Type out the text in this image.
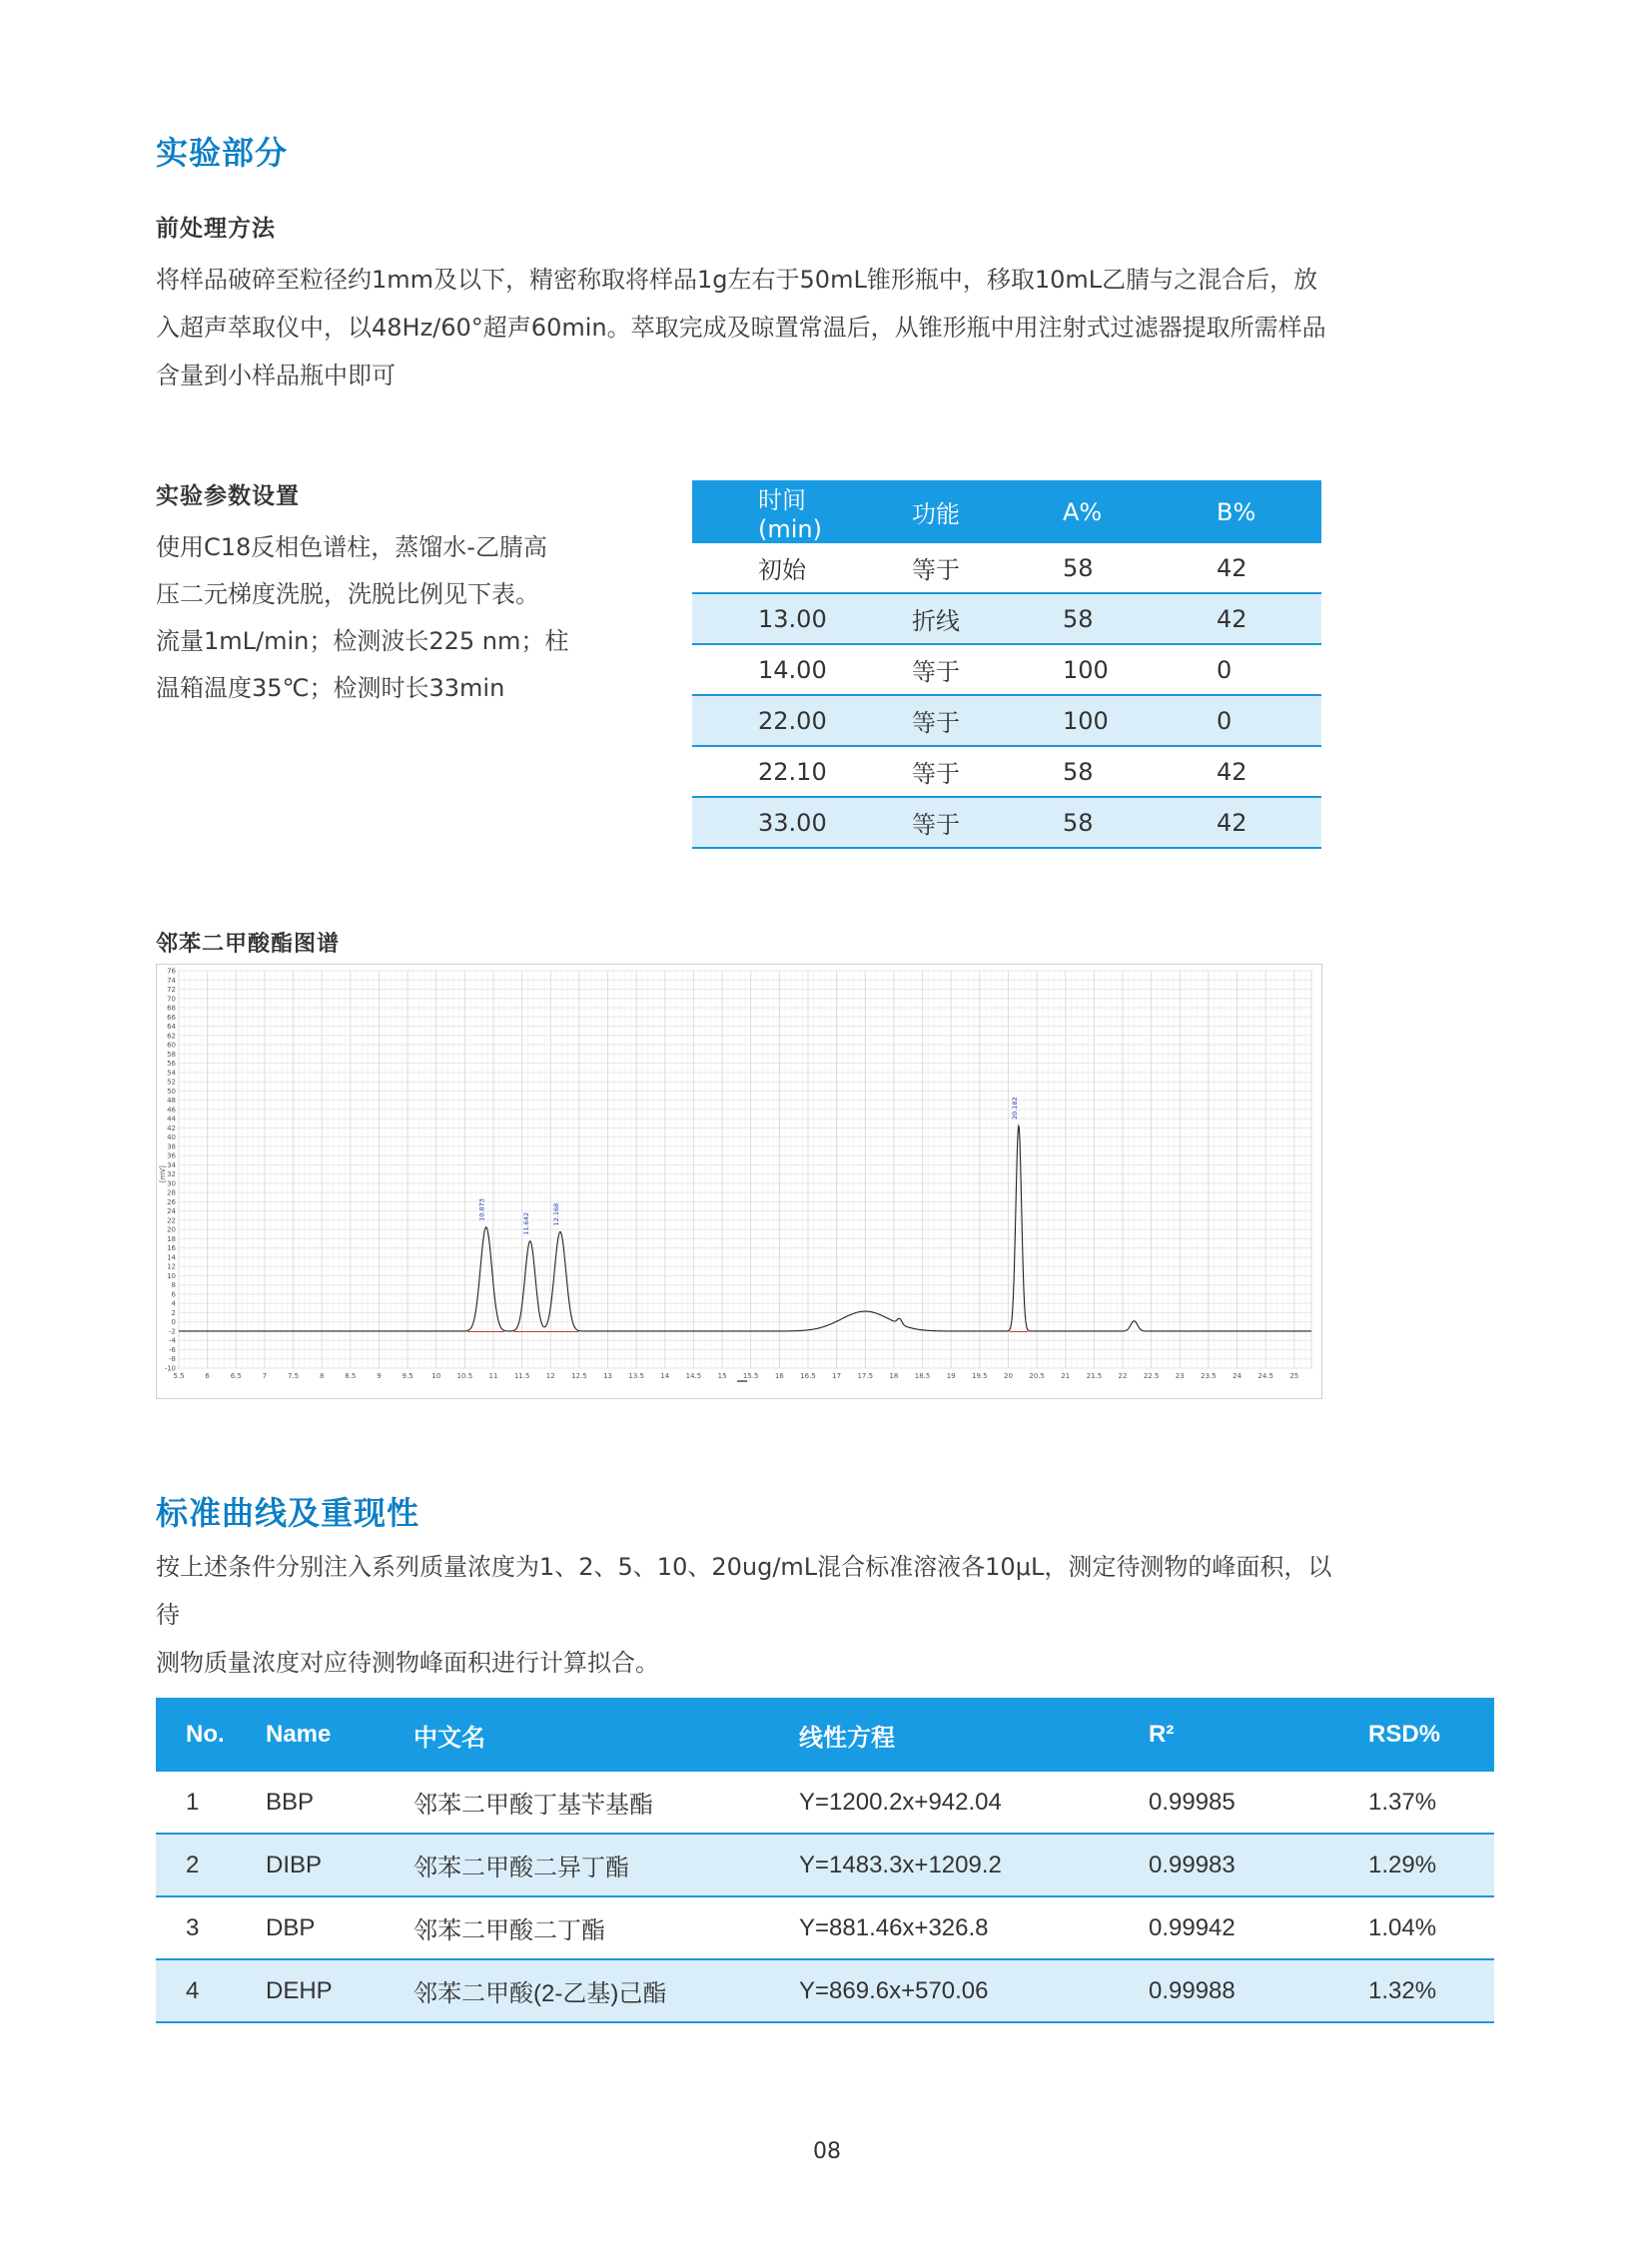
实验部分
前处理方法
将样品破碎至粒径约1mm及以下，精密称取将样品1g左右于50mL锥形瓶中，移取10mL乙腈与之混合后，放
入超声萃取仪中，以48Hz/60°超声60min。萃取完成及晾置常温后，从锥形瓶中用注射式过滤器提取所需样品
含量到小样品瓶中即可
实验参数设置
使用C18反相色谱柱，蒸馏水-乙腈高
压二元梯度洗脱，洗脱比例见下表。
流量1mL/min；检测波长225 nm；柱
温箱温度35℃；检测时长33min
时间(min)	功能	A%	B%
初始	等于	58	42
13.00	折线	58	42
14.00	等于	100	0
22.00	等于	100	0
22.10	等于	58	42
33.00	等于	58	42
邻苯二甲酸酯图谱
-10
-8
-6
-4
-2
0
2
4
6
8
10
12
14
16
18
20
22
24
26
28
30
32
34
36
38
40
42
44
46
48
50
52
54
56
58
60
62
64
66
68
70
72
74
76
5.5	6	6.5	7	7.5	8	8.5	9	9.5	10 10.5 11 11.5 12 12.5 13 13.5 14 14.5 15 15.5 16 16.5 17 17.5 18 18.5 19 19.5 20 20.5 21 21.5 22 22.5 23 23.5 24 24.5 25
[mV]
10.873
11.642	12.168
20.182
标准曲线及重现性
按上述条件分别注入系列质量浓度为1、2、5、10、20ug/mL混合标准溶液各10μL，测定待测物的峰面积，以待
测物质量浓度对应待测物峰面积进行计算拟合。
No.	Name	中文名	线性方程	R²	RSD%
1	BBP	邻苯二甲酸丁基苄基酯	Y=1200.2x+942.04	0.99985	1.37%
2	DIBP	邻苯二甲酸二异丁酯	Y=1483.3x+1209.2	0.99983	1.29%
3	DBP	邻苯二甲酸二丁酯	Y=881.46x+326.8	0.99942	1.04%
4	DEHP	邻苯二甲酸(2-乙基)己酯	Y=869.6x+570.06	0.99988	1.32%
08
